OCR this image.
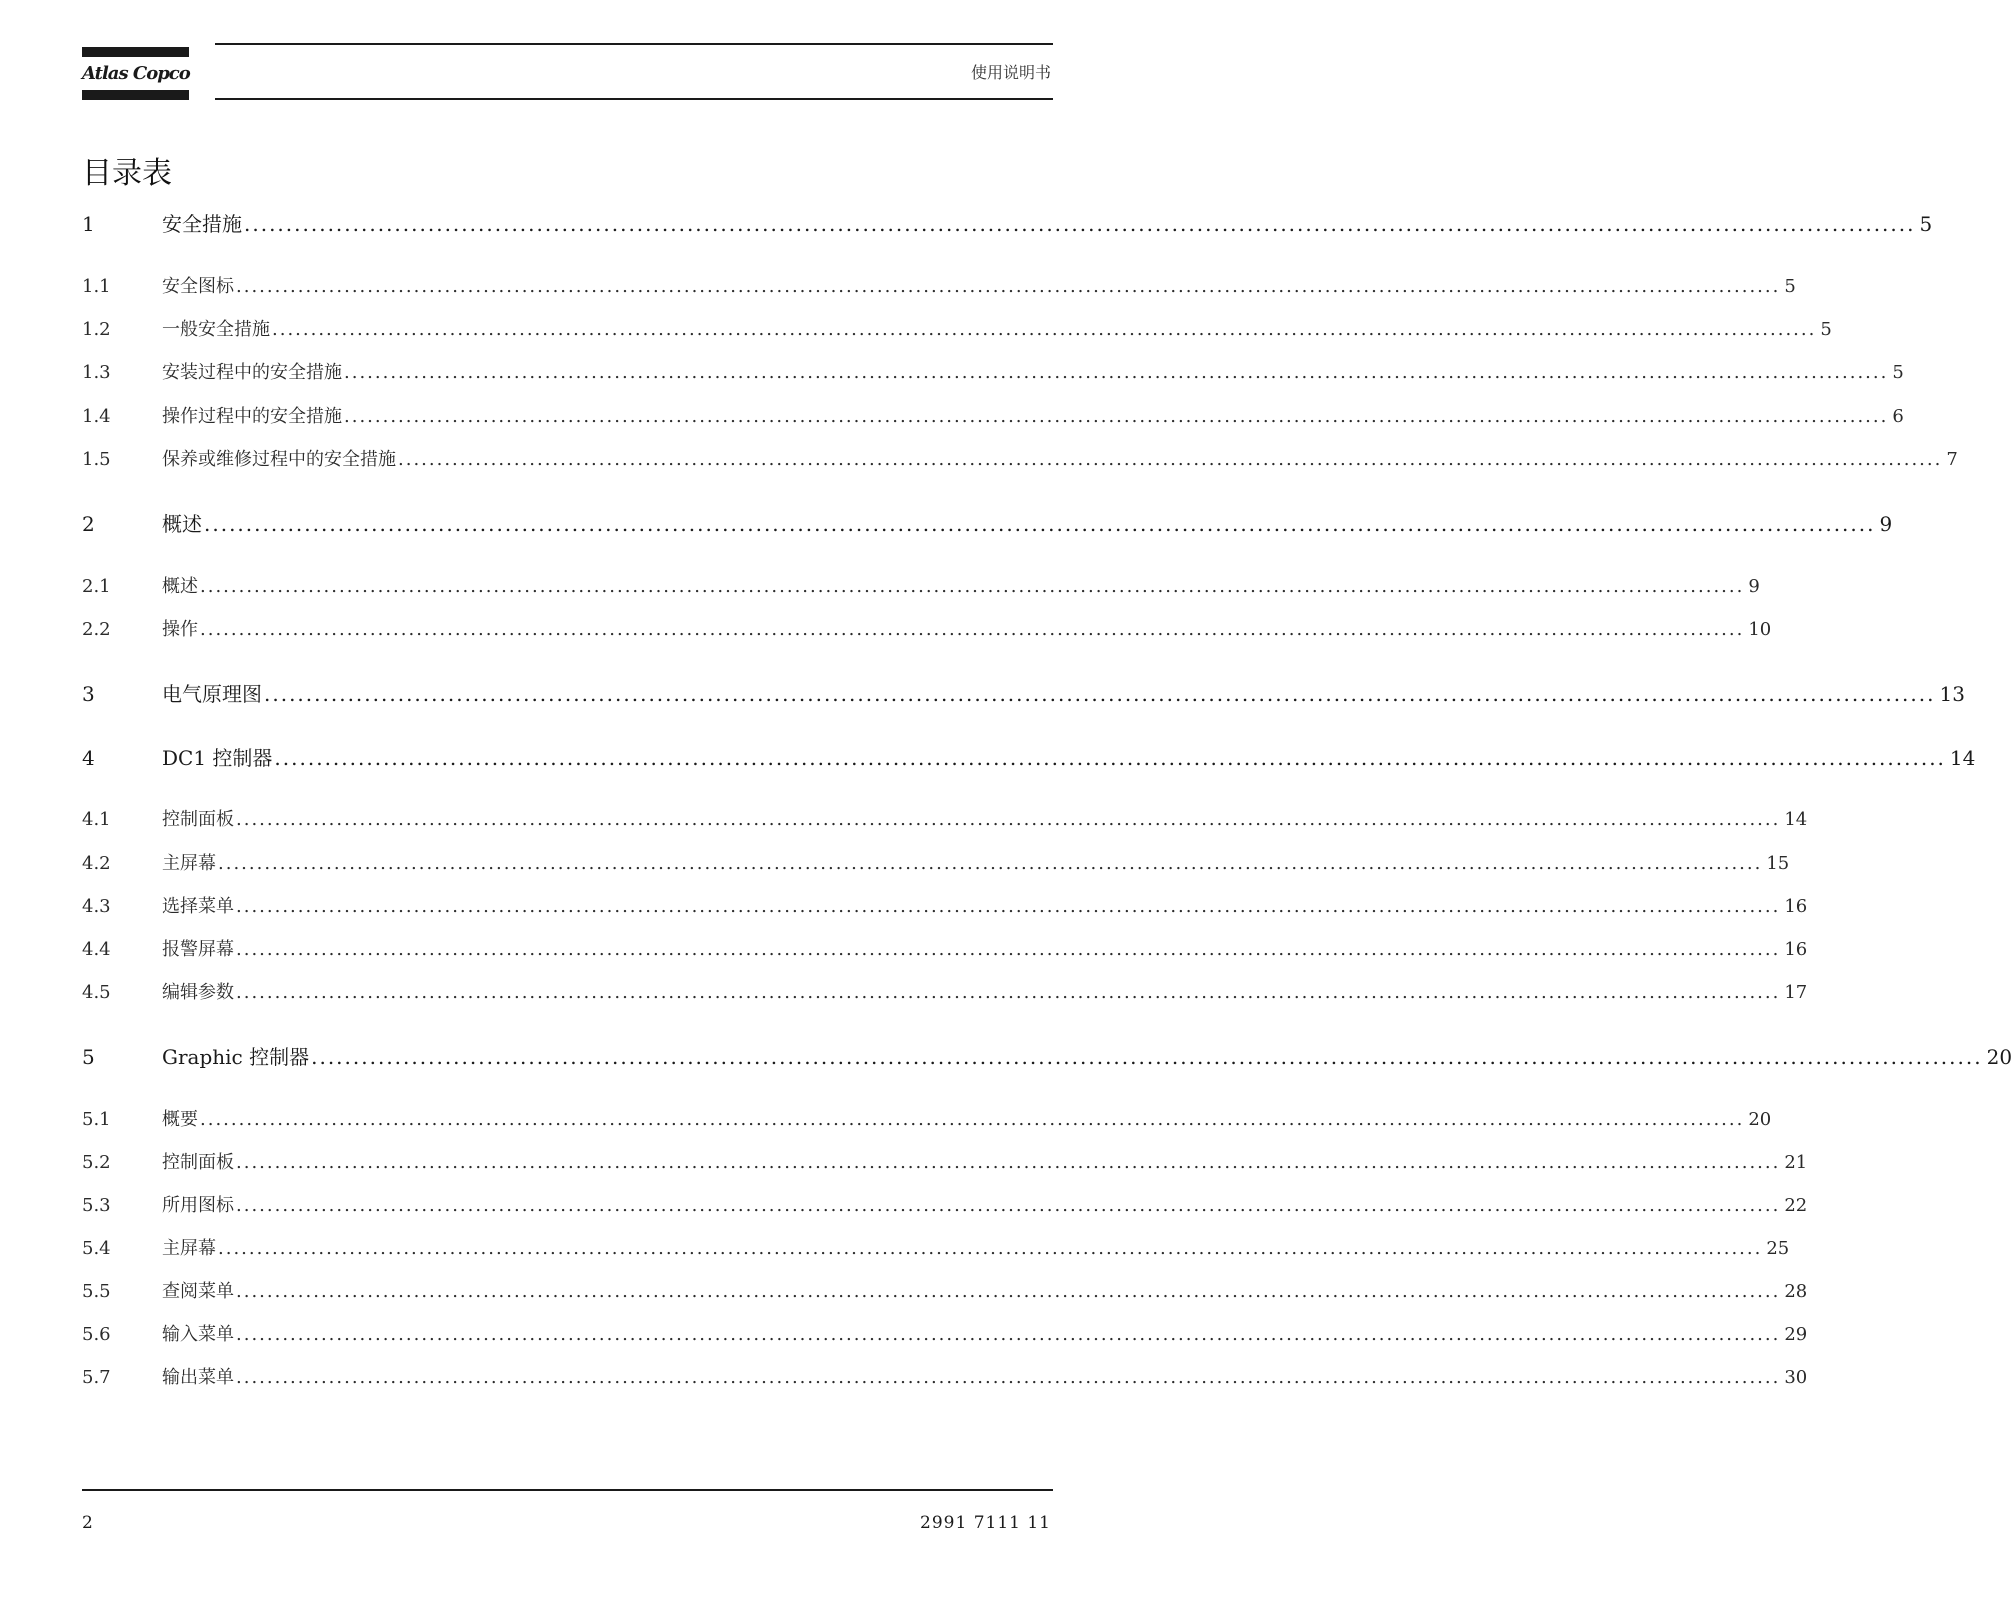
Atlas Copco	使用说明书
目录表
1	安全措施 ........................................................................................................................................................................................................ 5
1.1	安全图标 ........................................................................................................................................................................................................ 5
1.2	一般安全措施 ........................................................................................................................................................................................................ 5
1.3	安装过程中的安全措施 ........................................................................................................................................................................................................ 5
1.4	操作过程中的安全措施 ........................................................................................................................................................................................................ 6
1.5	保养或维修过程中的安全措施 ........................................................................................................................................................................................................ 7
2	概述 ........................................................................................................................................................................................................ 9
2.1	概述 ........................................................................................................................................................................................................ 9
2.2	操作 ........................................................................................................................................................................................................ 10
3	电气原理图 ........................................................................................................................................................................................................ 13
4	DC1 控制器 ........................................................................................................................................................................................................ 14
4.1	控制面板 ........................................................................................................................................................................................................ 14
4.2	主屏幕 ........................................................................................................................................................................................................ 15
4.3	选择菜单 ........................................................................................................................................................................................................ 16
4.4	报警屏幕 ........................................................................................................................................................................................................ 16
4.5	编辑参数 ........................................................................................................................................................................................................ 17
5	Graphic 控制器 ........................................................................................................................................................................................................ 20
5.1	概要 ........................................................................................................................................................................................................ 20
5.2	控制面板 ........................................................................................................................................................................................................ 21
5.3	所用图标 ........................................................................................................................................................................................................ 22
5.4	主屏幕 ........................................................................................................................................................................................................ 25
5.5	查阅菜单 ........................................................................................................................................................................................................ 28
5.6	输入菜单 ........................................................................................................................................................................................................ 29
5.7	输出菜单 ........................................................................................................................................................................................................ 30
2	2991 7111 11
